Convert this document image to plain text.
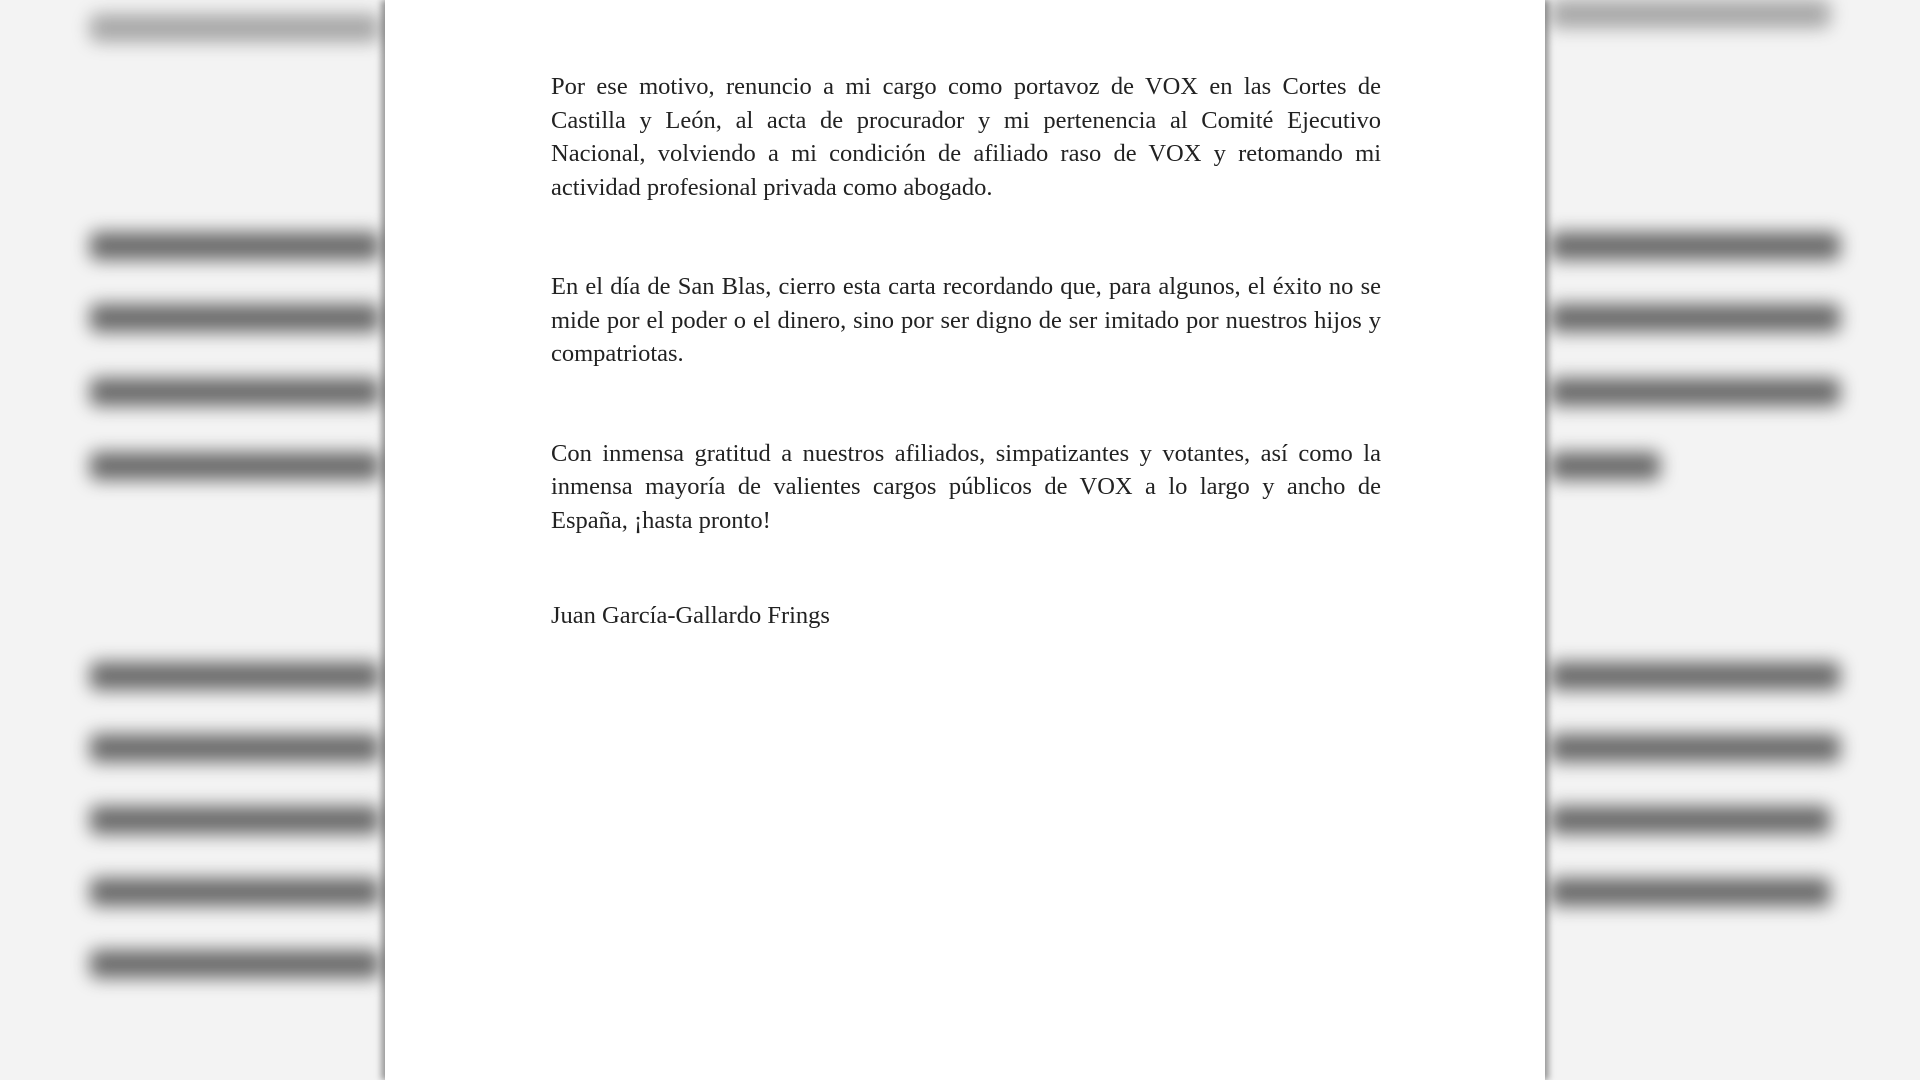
Por ese motivo, renuncio a mi cargo como portavoz de VOX en las Cortes de Castilla y León, al acta de procurador y mi pertenencia al Comité Ejecutivo Nacional, volviendo a mi condición de afiliado raso de VOX y retomando mi actividad profesional privada como abogado.

En el día de San Blas, cierro esta carta recordando que, para algunos, el éxito no se mide por el poder o el dinero, sino por ser digno de ser imitado por nuestros hijos y compatriotas.

Con inmensa gratitud a nuestros afiliados, simpatizantes y votantes, así como la inmensa mayoría de valientes cargos públicos de VOX a lo largo y ancho de España, ¡hasta pronto!

Juan García-Gallardo Frings
